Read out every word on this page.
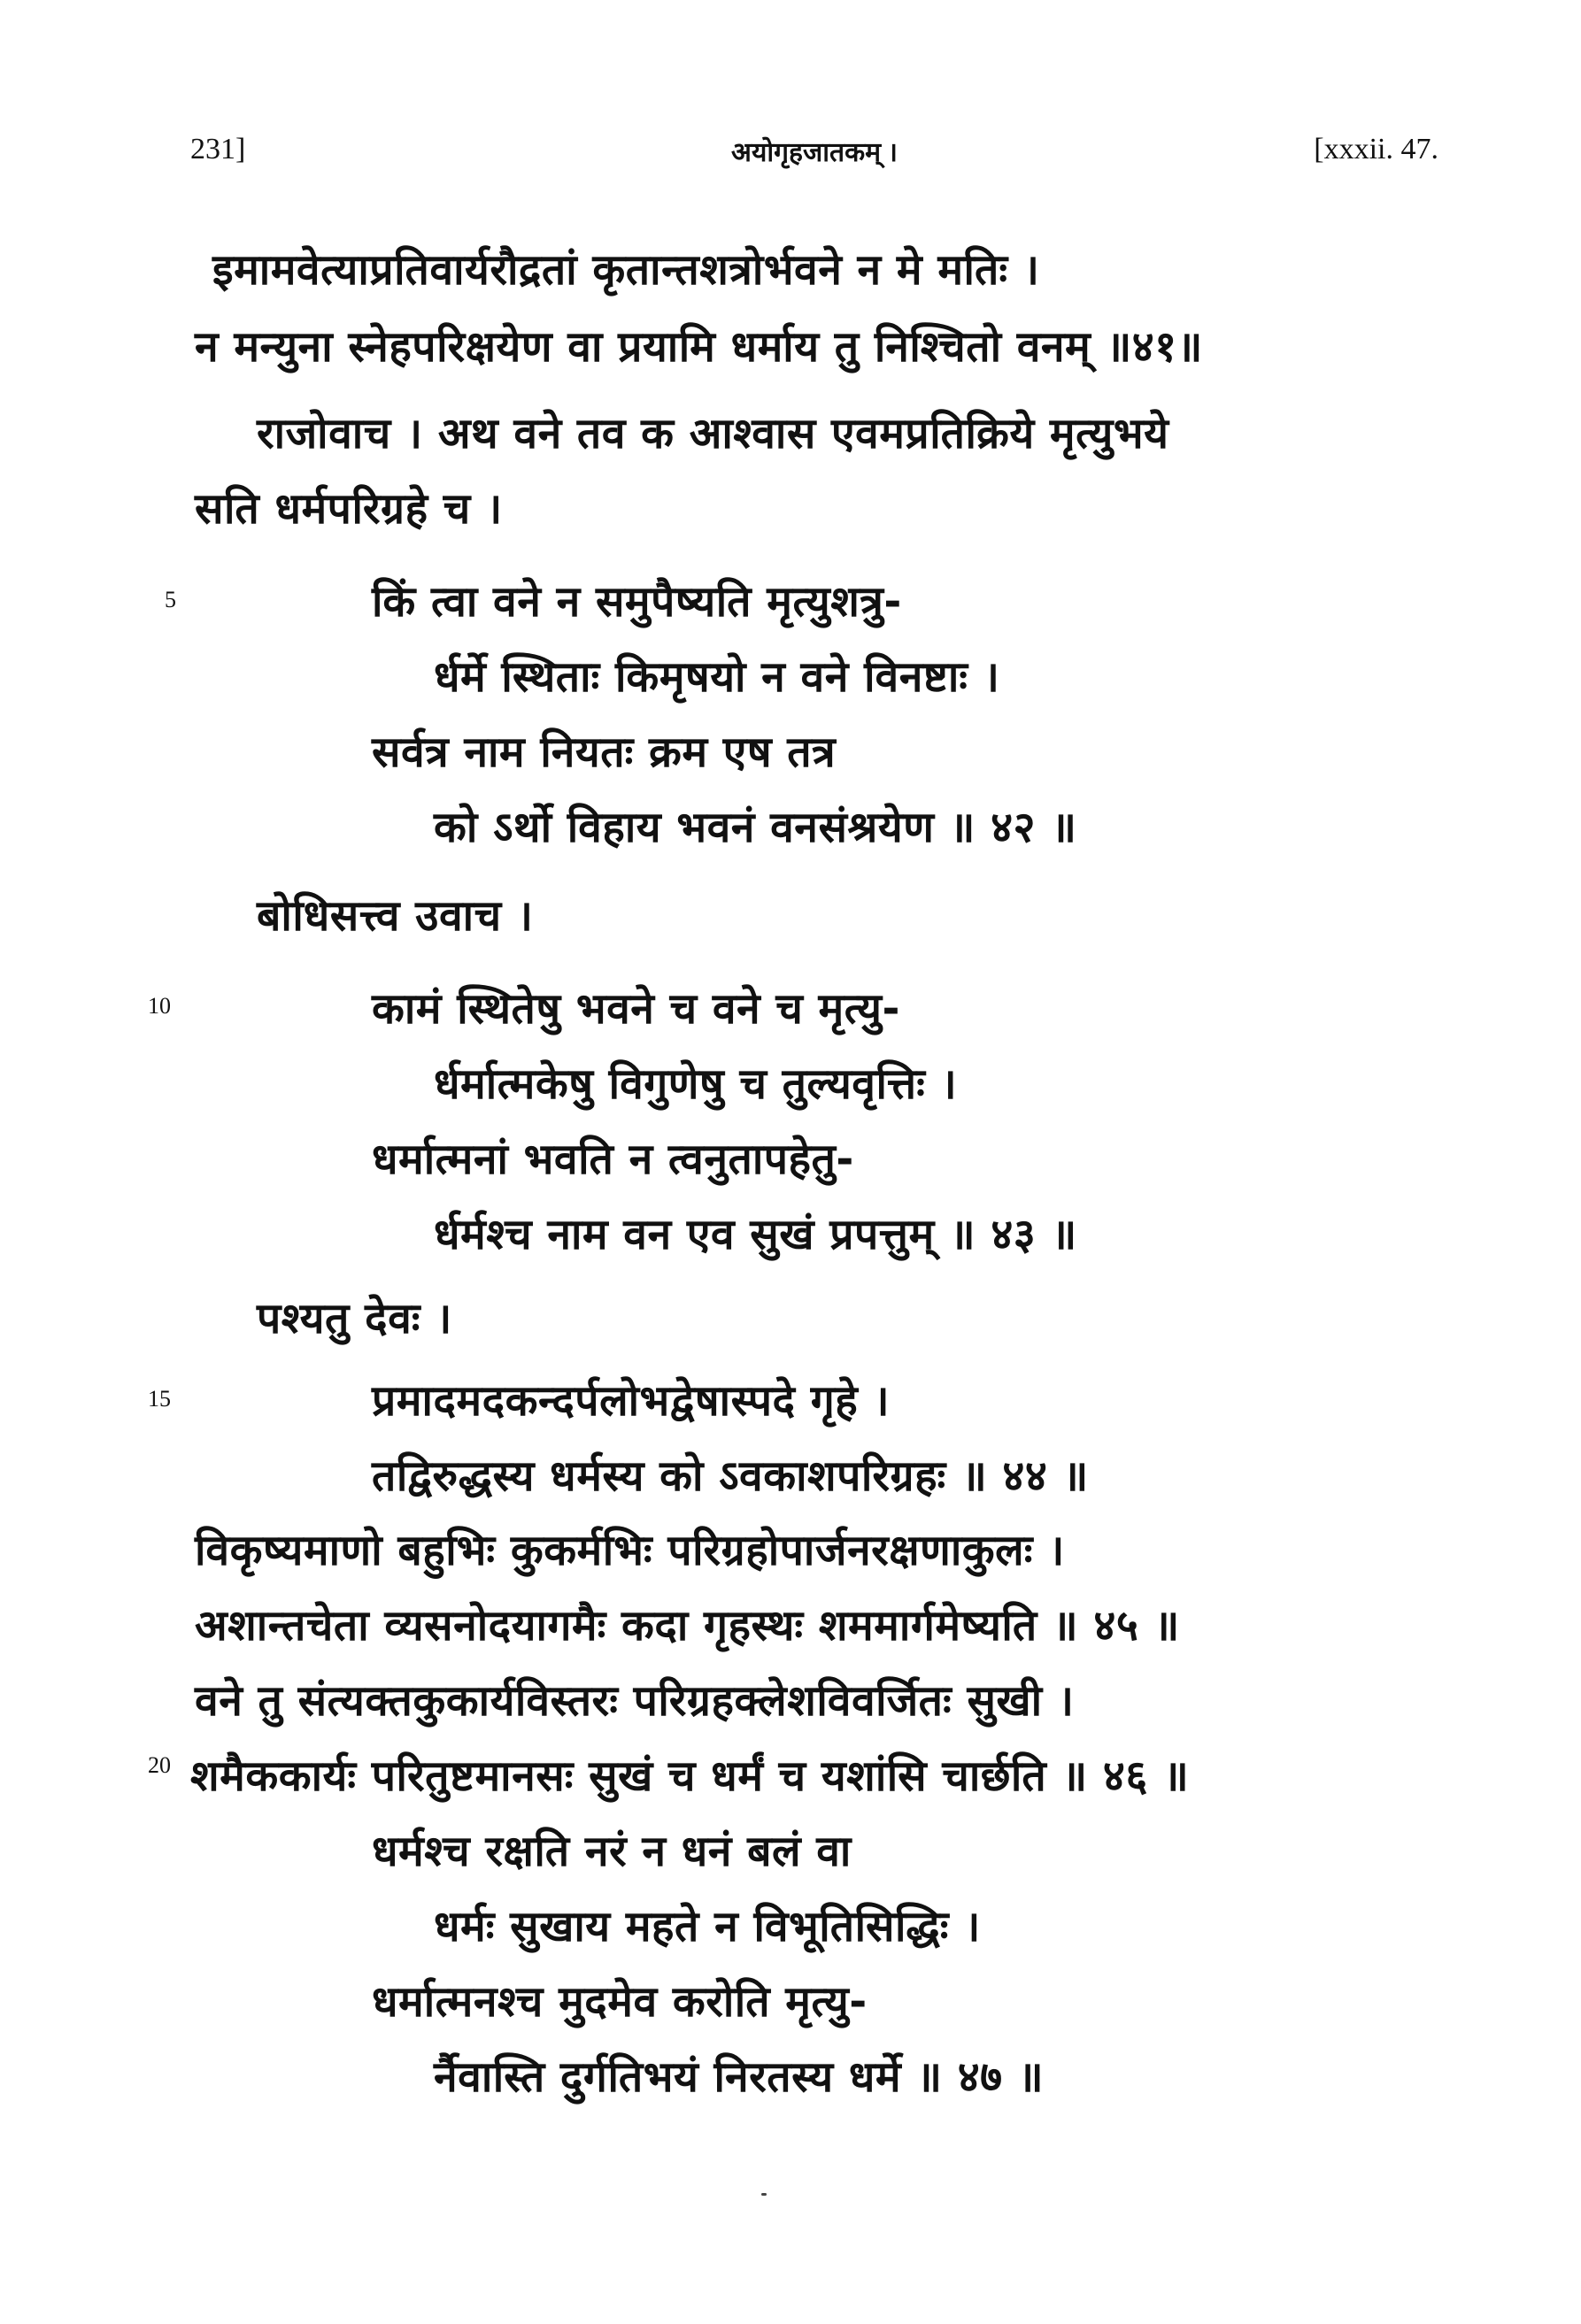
231]	अयोगृहजातकम् ।	[xxxii. 47.
5
10
15
20
इमामवेत्याप्रतिवार्यरौद्रतां कृतान्तशत्रोर्भवने न मे मतिः ।
न मन्युना स्नेहपरिक्षयेण वा प्रयामि धर्माय तु निश्चितो वनम् ॥४१॥
राजोवाच । अथ वने तव क आश्वास एवमप्रतिक्रिये मृत्युभये
सति धर्मपरिग्रहे च ।
किं त्वा वने न समुपैष्यति मृत्युशत्रु-
र्धर्मे स्थिताः किमृषयो न वने विनष्टाः ।
सर्वत्र नाम नियतः क्रम एष तत्र
को ऽर्थो विहाय भवनं वनसंश्रयेण ॥ ४२ ॥
बोधिसत्त्व उवाच ।
कामं स्थितेषु भवने च वने च मृत्यु-
र्धर्मात्मकेषु विगुणेषु च तुल्यवृत्तिः ।
धर्मात्मनां भवति न त्वनुतापहेतु-
र्धर्मश्च नाम वन एव सुखं प्रपत्तुम् ॥ ४३ ॥
पश्यतु देवः ।
प्रमादमदकन्दर्पलोभद्वेषास्पदे गृहे ।
तद्विरुद्धस्य धर्मस्य को ऽवकाशपरिग्रहः ॥ ४४ ॥
विकृष्यमाणो बहुभिः कुकर्मभिः परिग्रहोपार्जनरक्षणाकुलः ।
अशान्तचेता व्यसनोदयागमैः कदा गृहस्थः शममार्गमेष्यति ॥ ४५ ॥
वने तु संत्यक्तकुकार्यविस्तरः परिग्रहक्लेशविवर्जितः सुखी ।
शमैककार्यः परितुष्टमानसः सुखं च धर्मं च यशांसि चार्छति ॥ ४६ ॥
धर्मश्च रक्षति नरं न धनं बलं वा
धर्मः सुखाय महते न विभूतिसिद्धिः ।
धर्मात्मनश्च मुदमेव करोति मृत्यु-
र्नैवास्ति दुर्गतिभयं निरतस्य धर्मे ॥ ४७ ॥
